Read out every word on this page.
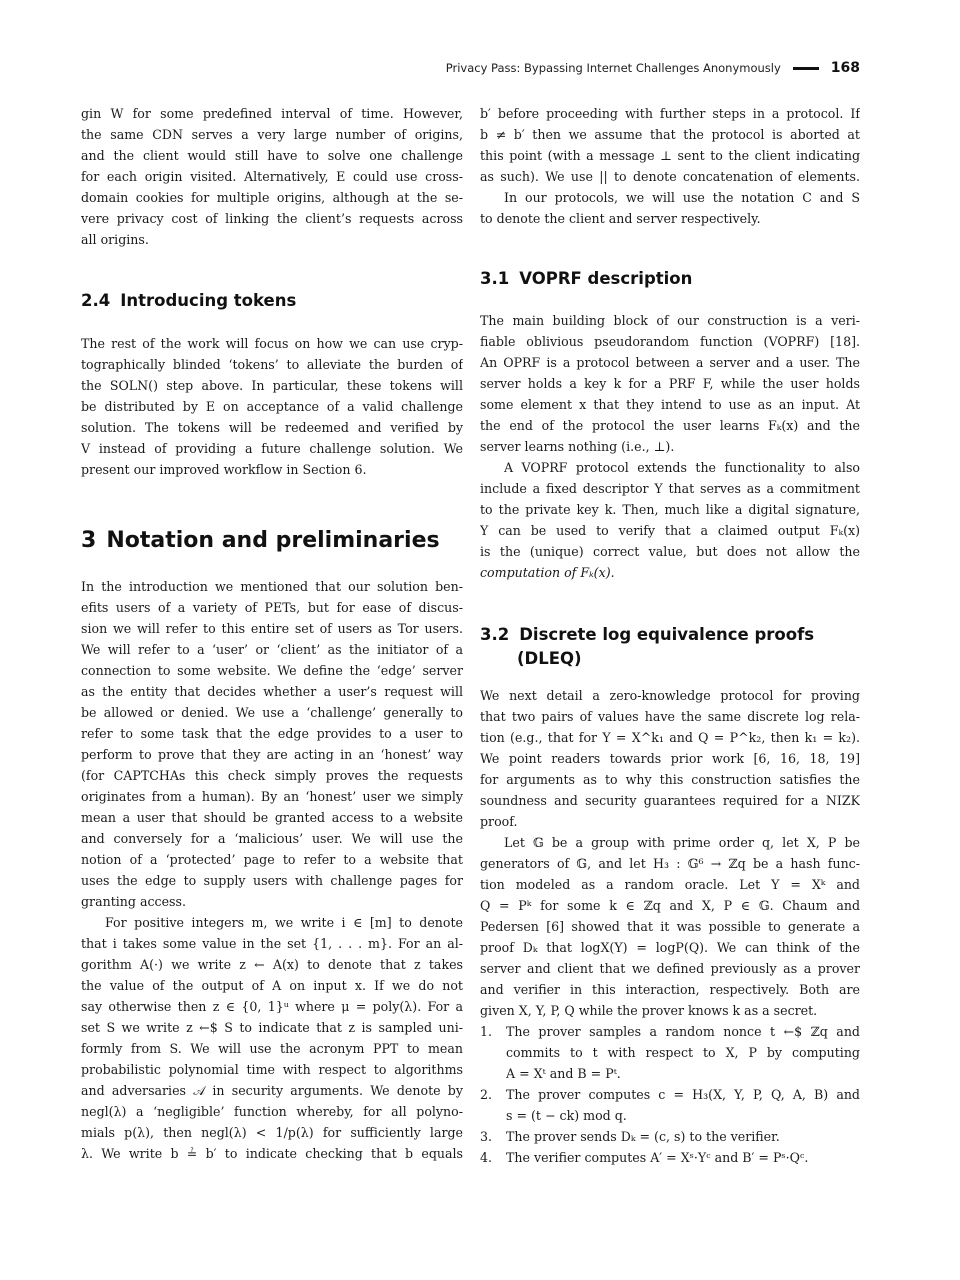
Privacy Pass: Bypassing Internet Challenges Anonymously	168
gin W for some predefined interval of time. However,
the same CDN serves a very large number of origins,
and the client would still have to solve one challenge
for each origin visited. Alternatively, E could use cross-
domain cookies for multiple origins, although at the se-
vere privacy cost of linking the client’s requests across
all origins.
2.4 Introducing tokens
The rest of the work will focus on how we can use cryp-
tographically blinded ‘tokens’ to alleviate the burden of
the SOLN() step above. In particular, these tokens will
be distributed by E on acceptance of a valid challenge
solution. The tokens will be redeemed and verified by
V instead of providing a future challenge solution. We
present our improved workflow in Section 6.
3 Notation and preliminaries
In the introduction we mentioned that our solution ben-
efits users of a variety of PETs, but for ease of discus-
sion we will refer to this entire set of users as Tor users.
We will refer to a ‘user’ or ‘client’ as the initiator of a
connection to some website. We define the ‘edge’ server
as the entity that decides whether a user’s request will
be allowed or denied. We use a ‘challenge’ generally to
refer to some task that the edge provides to a user to
perform to prove that they are acting in an ‘honest’ way
(for CAPTCHAs this check simply proves the requests
originates from a human). By an ‘honest’ user we simply
mean a user that should be granted access to a website
and conversely for a ‘malicious’ user. We will use the
notion of a ‘protected’ page to refer to a website that
uses the edge to supply users with challenge pages for
granting access.
For positive integers m, we write i ∈ [m] to denote
that i takes some value in the set {1, . . . m}. For an al-
gorithm A(·) we write z ← A(x) to denote that z takes
the value of the output of A on input x. If we do not
say otherwise then z ∈ {0, 1}ᵘ where μ = poly(λ). For a
set S we write z ←$ S to indicate that z is sampled uni-
formly from S. We will use the acronym PPT to mean
probabilistic polynomial time with respect to algorithms
and adversaries 𝒜 in security arguments. We denote by
negl(λ) a ‘negligible’ function whereby, for all polyno-
mials p(λ), then negl(λ) < 1/p(λ) for sufficiently large
λ. We write b ≟ b′ to indicate checking that b equals
b′ before proceeding with further steps in a protocol. If
b ≠ b′ then we assume that the protocol is aborted at
this point (with a message ⊥ sent to the client indicating
as such). We use || to denote concatenation of elements.
In our protocols, we will use the notation C and S
to denote the client and server respectively.
3.1 VOPRF description
The main building block of our construction is a veri-
fiable oblivious pseudorandom function (VOPRF) [18].
An OPRF is a protocol between a server and a user. The
server holds a key k for a PRF F, while the user holds
some element x that they intend to use as an input. At
the end of the protocol the user learns Fₖ(x) and the
server learns nothing (i.e., ⊥).
A VOPRF protocol extends the functionality to also
include a fixed descriptor Y that serves as a commitment
to the private key k. Then, much like a digital signature,
Y can be used to verify that a claimed output Fₖ(x)
is the (unique) correct value, but does not allow the
computation of Fₖ(x).
3.2 Discrete log equivalence proofs
(DLEQ)
We next detail a zero-knowledge protocol for proving
that two pairs of values have the same discrete log rela-
tion (e.g., that for Y = X^k₁ and Q = P^k₂, then k₁ = k₂).
We point readers towards prior work [6, 16, 18, 19]
for arguments as to why this construction satisfies the
soundness and security guarantees required for a NIZK
proof.
Let 𝔾 be a group with prime order q, let X, P be
generators of 𝔾, and let H₃ : 𝔾⁶ → ℤq be a hash func-
tion modeled as a random oracle. Let Y = Xᵏ and
Q = Pᵏ for some k ∈ ℤq and X, P ∈ 𝔾. Chaum and
Pedersen [6] showed that it was possible to generate a
proof Dₖ that logX(Y) = logP(Q). We can think of the
server and client that we defined previously as a prover
and verifier in this interaction, respectively. Both are
given X, Y, P, Q while the prover knows k as a secret.
1.	The prover samples a random nonce t ←$ ℤq and
commits to t with respect to X, P by computing
A = Xᵗ and B = Pᵗ.
2.	The prover computes c = H₃(X, Y, P, Q, A, B) and
s = (t − ck) mod q.
3.	The prover sends Dₖ = (c, s) to the verifier.
4.	The verifier computes A′ = Xˢ·Yᶜ and B′ = Pˢ·Qᶜ.
